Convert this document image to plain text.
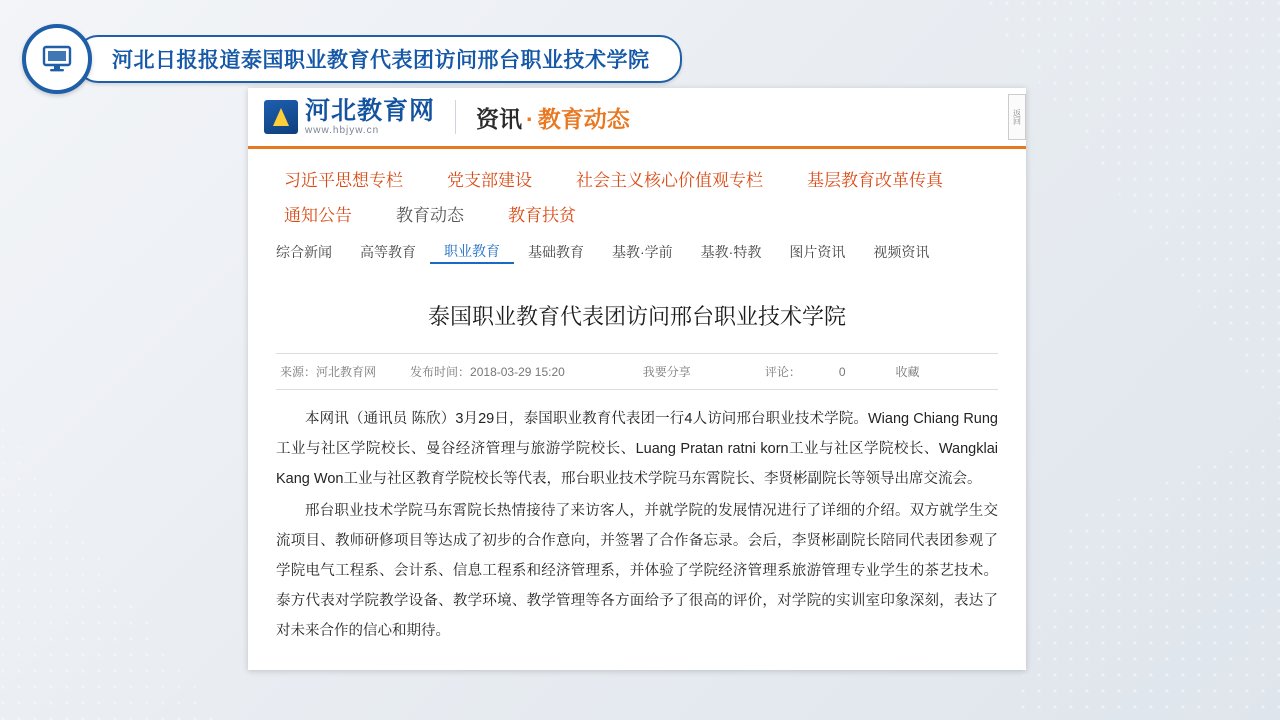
河北日报报道泰国职业教育代表团访问邢台职业技术学院
河北教育网
www.hbjyw.cn	资讯 · 教育动态	返回
习近平思想专栏	党支部建设	社会主义核心价值观专栏	基层教育改革传真
通知公告	教育动态	教育扶贫
综合新闻	高等教育	职业教育	基础教育	基教·学前	基教·特教	图片资讯	视频资讯
泰国职业教育代表团访问邢台职业技术学院
来源：河北教育网	发布时间：2018-03-29 15:20	我要分享	评论：	0	收藏

本网讯（通讯员 陈欣）3月29日，泰国职业教育代表团一行4人访问邢台职业技术学院。Wiang Chiang Rung工业与社区学院校长、曼谷经济管理与旅游学院校长、Luang Pratan ratni korn工业与社区学院校长、Wangklai Kang Won工业与社区教育学院校长等代表，邢台职业技术学院马东霄院长、李贤彬副院长等领导出席交流会。

邢台职业技术学院马东霄院长热情接待了来访客人，并就学院的发展情况进行了详细的介绍。双方就学生交流项目、教师研修项目等达成了初步的合作意向，并签署了合作备忘录。会后，李贤彬副院长陪同代表团参观了学院电气工程系、会计系、信息工程系和经济管理系，并体验了学院经济管理系旅游管理专业学生的茶艺技术。泰方代表对学院教学设备、教学环境、教学管理等各方面给予了很高的评价，对学院的实训室印象深刻，表达了对未来合作的信心和期待。
